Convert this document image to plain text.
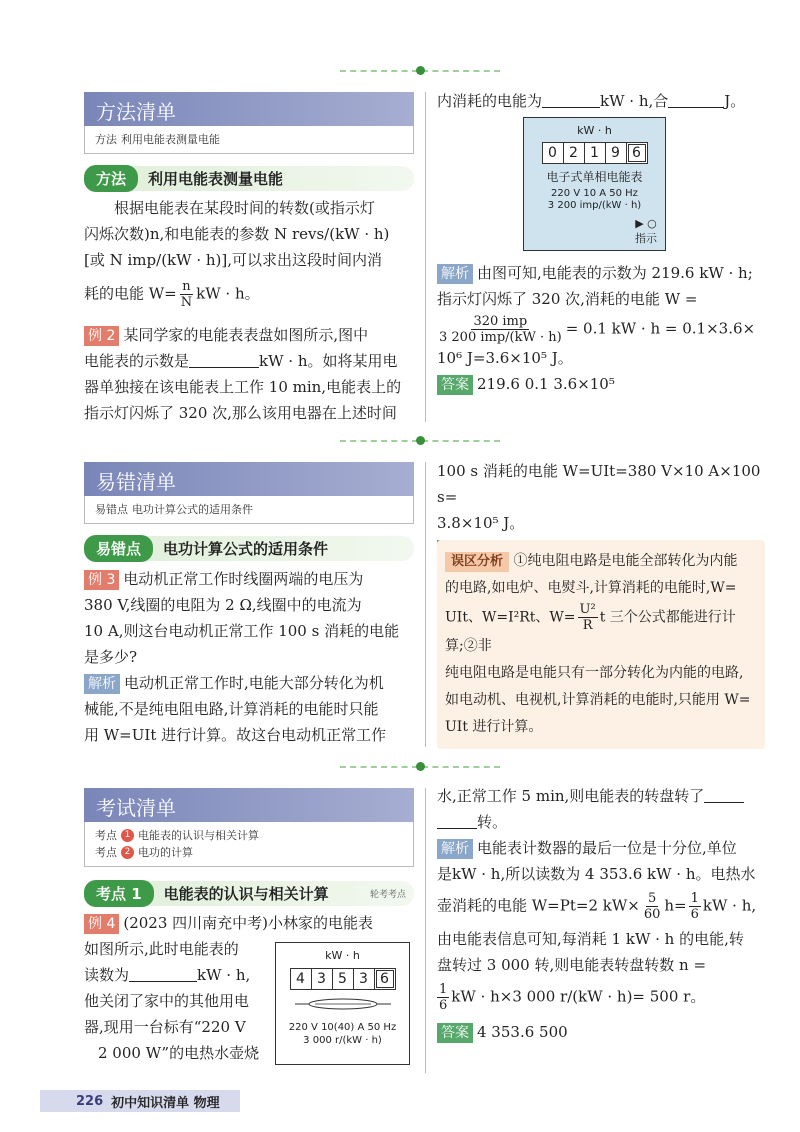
方法清单
方法 利用电能表测量电能
方法	利用电能表测量电能
根据电能表在某段时间的转数(或指示灯
闪烁次数)n,和电能表的参数 N revs/(kW · h)
[或 N imp/(kW · h)],可以求出这段时间内消
耗的电能 $W= \frac{n}{N}$ kW · h。
例 2 某同学家的电能表表盘如图所示,图中
电能表的示数是	kW · h。如将某用电
器单独接在该电能表上工作 10 min,电能表上的
指示灯闪烁了 320 次,那么该用电器在上述时间
内消耗的电能为	kW · h,合	J。
kW · h
0 2 1 9 6
电子式单相电能表
220 V 10 A 50 Hz
3 200 imp/(kW · h)
▶ ○
指示
解析 由图可知,电能表的示数为 219.6 kW · h;
指示灯闪烁了 320 次,消耗的电能 W =
$\frac{\text{320 imp}}{\text{3 200 imp/(kW · h)}} = 0.1$ kW · h = 0.1×3.6×
10⁶ J=3.6×10⁵ J。
答案 219.6 0.1 3.6×10⁵
易错清单
易错点 电功计算公式的适用条件
易错点	电功计算公式的适用条件
例 3 电动机正常工作时线圈两端的电压为
380 V,线圈的电阻为 2 Ω,线圈中的电流为
10 A,则这台电动机正常工作 100 s 消耗的电能
是多少?
解析 电动机正常工作时,电能大部分转化为机
械能,不是纯电阻电路,计算消耗的电能时只能
用 W=UIt 进行计算。故这台电动机正常工作
100 s 消耗的电能 W=UIt=380 V×10 A×100 s=
3.8×10⁵ J。
误区分析 ①纯电阻电路是电能全部转化为内能
的电路,如电炉、电熨斗,计算消耗的电能时,W=
UIt、W=I²Rt、$W= \frac{\text{U²}}{R}$ t 三个公式都能进行计算;②非
纯电阻电路是电能只有一部分转化为内能的电路,
如电动机、电视机,计算消耗的电能时,只能用 W=
UIt 进行计算。
考试清单
考点 1 电能表的认识与相关计算
考点 2 电功的计算
考点 1	电能表的认识与相关计算	轮考考点
例 4 (2023 四川南充中考)小林家的电能表
如图所示,此时电能表的
读数为	kW · h,
他关闭了家中的其他用电
器,现用一台标有“220 V
2 000 W”的电热水壶烧
kW · h
4 3 5 3 6
220 V 10(40) A 50 Hz
3 000 r/(kW · h)
水,正常工作 5 min,则电能表的转盘转了
转。
解析 电能表计数器的最后一位是十分位,单位
是kW · h,所以读数为 4 353.6 kW · h。电热水
壶消耗的电能 W=Pt=2 $kW\times \frac{5}{60} h= \frac{1}{6}$ kW · h,
由电能表信息可知,每消耗 1 kW · h 的电能,转
盘转过 3 000 转,则电能表转盘转数 n =
$\frac{1}{6}$ kW · h×3 000 r/(kW · h)= 500 r。
答案 4 353.6 500
226 初中知识清单 物理
